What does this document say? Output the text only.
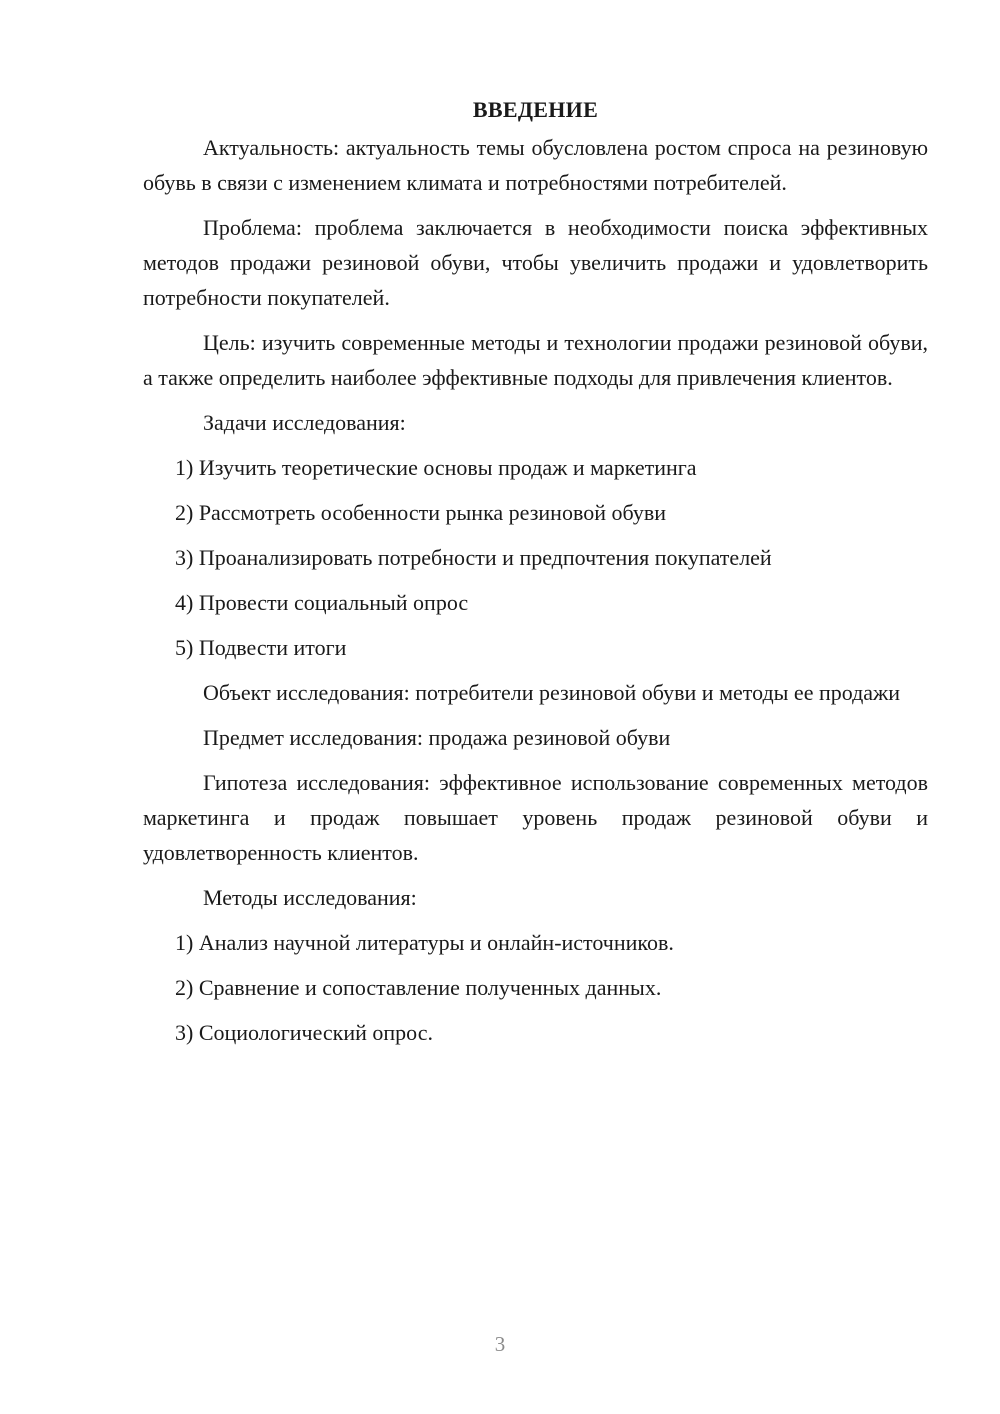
ВВЕДЕНИЕ

Актуальность: актуальность темы обусловлена ростом спроса на резиновую обувь в связи с изменением климата и потребностями потребителей.

Проблема: проблема заключается в необходимости поиска эффективных методов продажи резиновой обуви, чтобы увеличить продажи и удовлетворить потребности покупателей.

Цель: изучить современные методы и технологии продажи резиновой обуви, а также определить наиболее эффективные подходы для привлечения клиентов.

Задачи исследования:

1) Изучить теоретические основы продаж и маркетинга
2) Рассмотреть особенности рынка резиновой обуви
3) Проанализировать потребности и предпочтения покупателей
4) Провести социальный опрос
5) Подвести итоги

Объект исследования: потребители резиновой обуви и методы ее продажи

Предмет исследования: продажа резиновой обуви

Гипотеза исследования: эффективное использование современных методов маркетинга и продаж повышает уровень продаж резиновой обуви и удовлетворенность клиентов.

Методы исследования:

1) Анализ научной литературы и онлайн-источников.
2) Сравнение и сопоставление полученных данных.
3) Социологический опрос.
3
